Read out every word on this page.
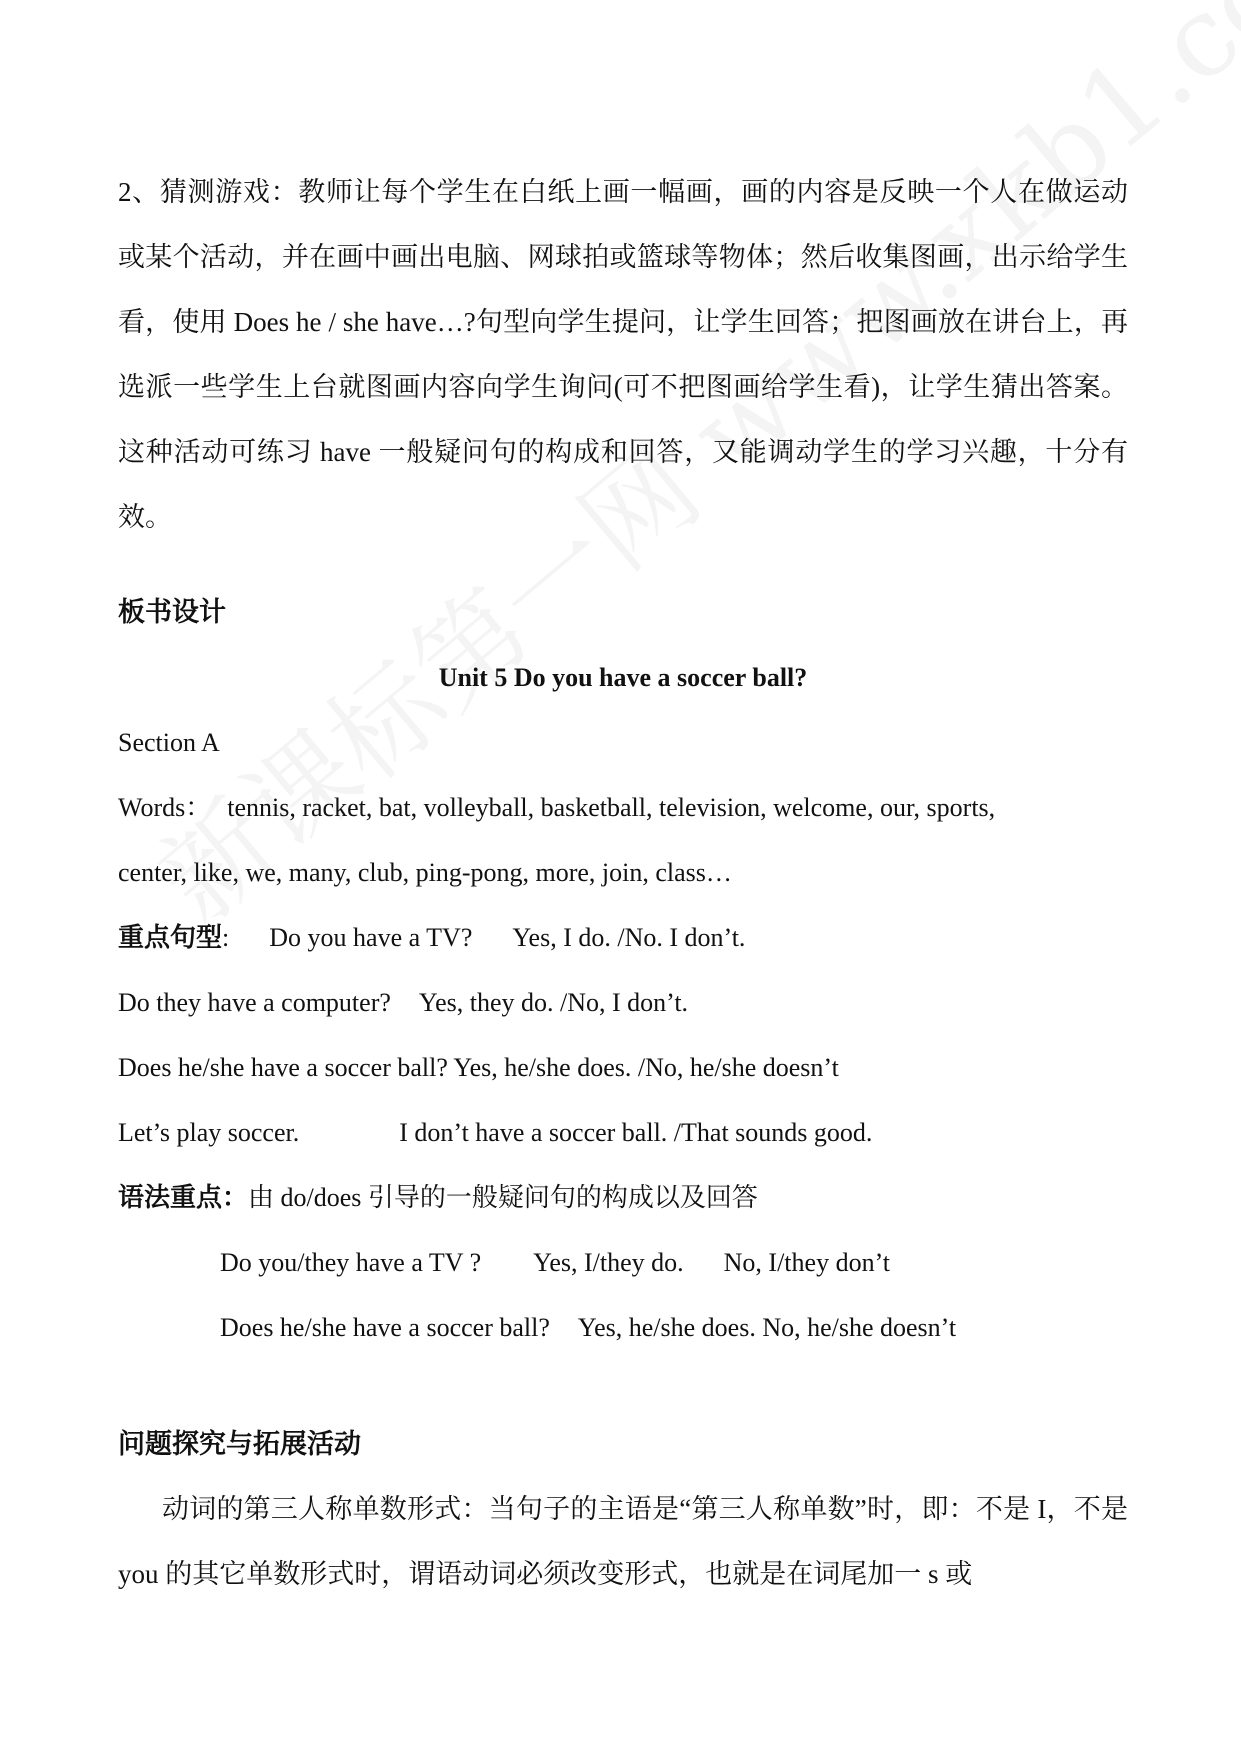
2、猜测游戏：教师让每个学生在白纸上画一幅画，画的内容是反映一个人在做运动或某个活动，并在画中画出电脑、网球拍或篮球等物体；然后收集图画，出示给学生看，使用 Does he / she have…?句型向学生提问，让学生回答；把图画放在讲台上，再选派一些学生上台就图画内容向学生询问(可不把图画给学生看)，让学生猜出答案。这种活动可练习 have 一般疑问句的构成和回答，又能调动学生的学习兴趣，十分有效。

板书设计

Unit 5 Do you have a soccer ball?

Section A

Words： tennis, racket, bat, volleyball, basketball, television, welcome, our, sports,

center, like, we, many, club, ping-pong, more, join, class…

重点句型: Do you have a TV? Yes, I do. /No. I don’t.

Do they have a computer? Yes, they do. /No, I don’t.

Does he/she have a soccer ball? Yes, he/she does. /No, he/she doesn’t

Let’s play soccer.	I don’t have a soccer ball. /That sounds good.

语法重点：由 do/does 引导的一般疑问句的构成以及回答

Do you/they have a TV ? Yes, I/they do. No, I/they don’t

Does he/she have a soccer ball? Yes, he/she does. No, he/she doesn’t

问题探究与拓展活动

动词的第三人称单数形式：当句子的主语是“第三人称单数”时，即：不是 I，不是 you 的其它单数形式时，谓语动词必须改变形式，也就是在词尾加一 s 或
